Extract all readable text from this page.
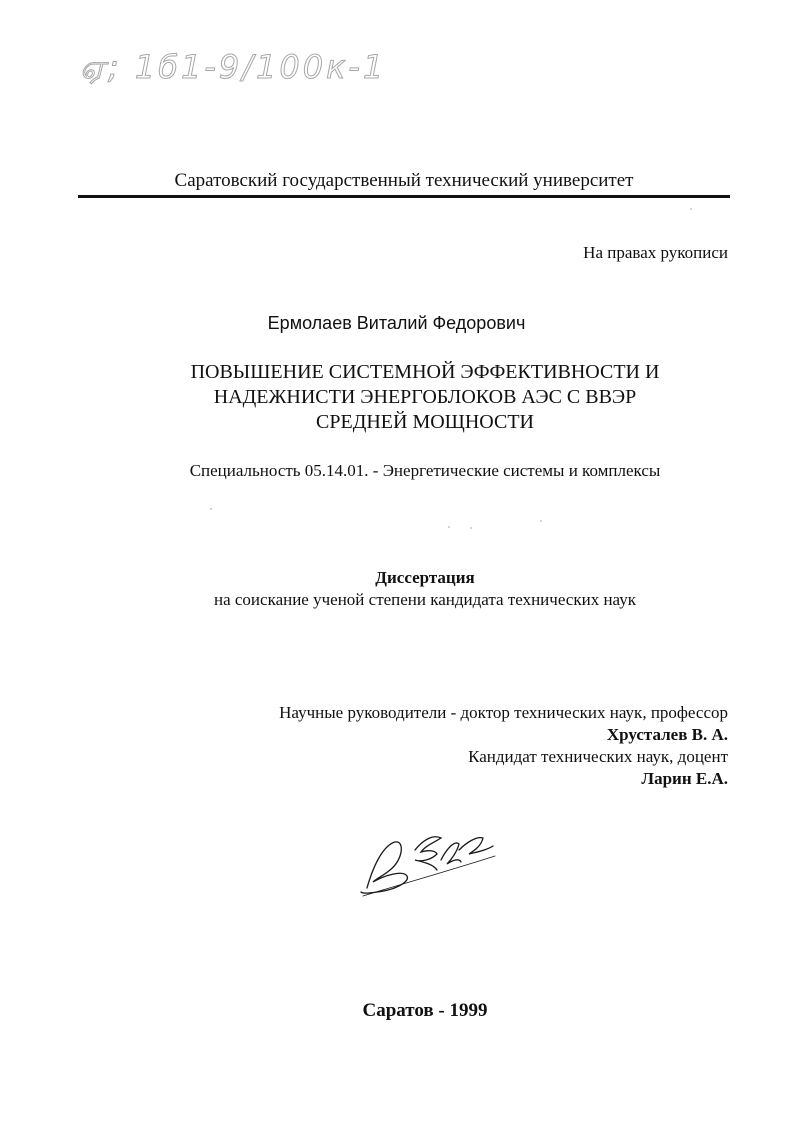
ஏ; 1б1-9/100к-1
Саратовский государственный технический университет
На правах рукописи
Ермолаев Виталий Федорович
ПОВЫШЕНИЕ СИСТЕМНОЙ ЭФФЕКТИВНОСТИ И
НАДЕЖНИСТИ ЭНЕРГОБЛОКОВ АЭС С ВВЭР
СРЕДНЕЙ МОЩНОСТИ
Специальность 05.14.01. - Энергетические системы и комплексы
Диссертация
на соискание ученой степени кандидата технических наук
Научные руководители - доктор технических наук, профессор
Хрусталев В. А.
Кандидат технических наук, доцент
Ларин Е.А.
Саратов - 1999
